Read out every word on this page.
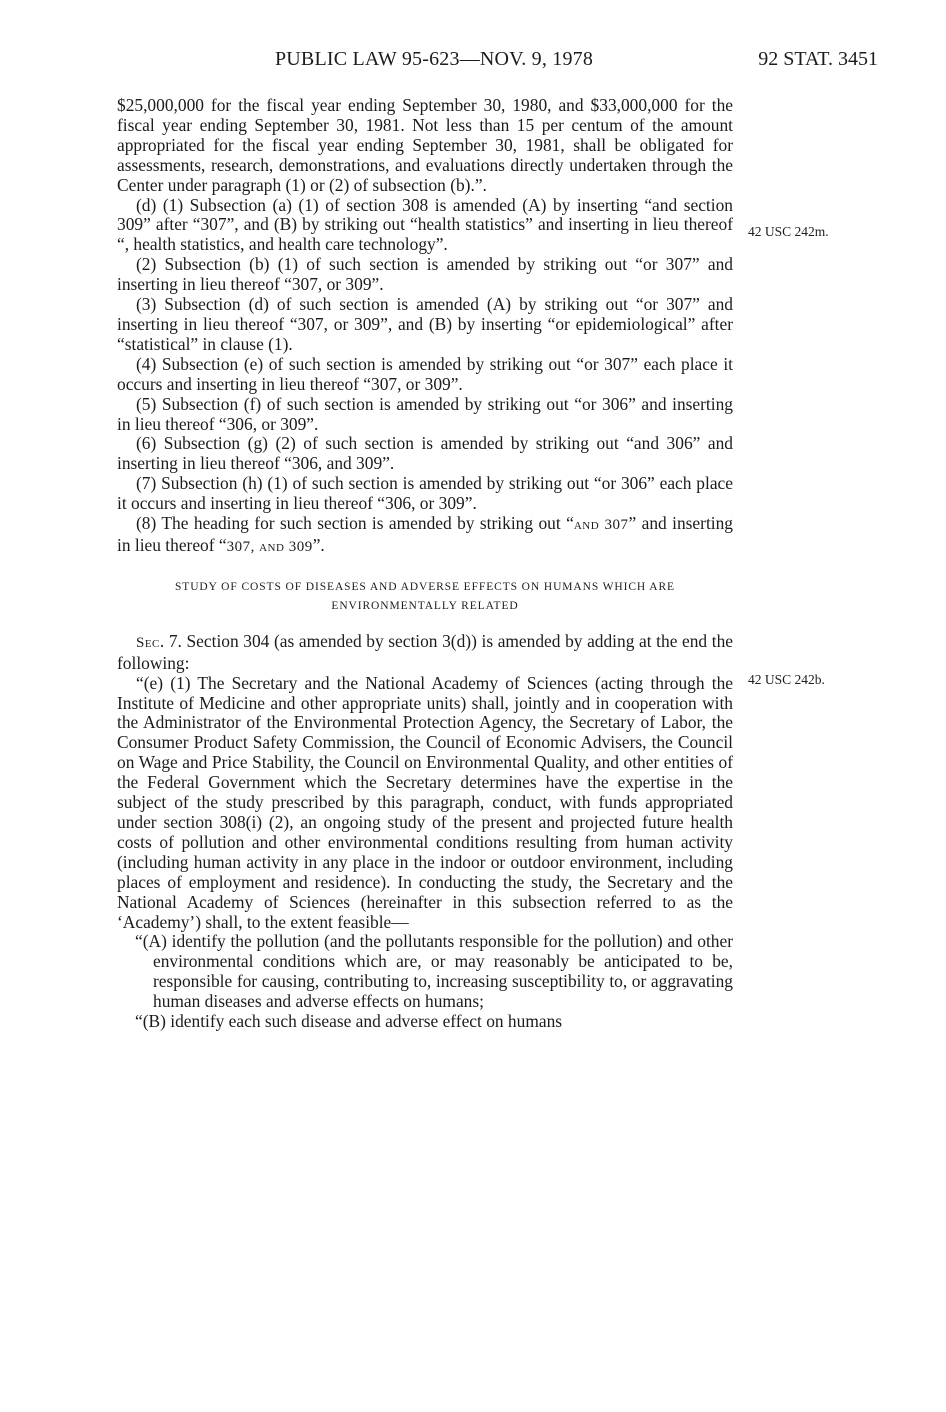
PUBLIC LAW 95-623—NOV. 9, 1978	92 STAT. 3451
42 USC 242m.
42 USC 242b.

$25,000,000 for the fiscal year ending September 30, 1980, and $33,000,000 for the fiscal year ending September 30, 1981. Not less than 15 per centum of the amount appropriated for the fiscal year ending September 30, 1981, shall be obligated for assessments, research, demonstrations, and evaluations directly undertaken through the Center under paragraph (1) or (2) of subsection (b).”.

(d) (1) Subsection (a) (1) of section 308 is amended (A) by inserting “and section 309” after “307”, and (B) by striking out “health statistics” and inserting in lieu thereof “, health statistics, and health care technology”.

(2) Subsection (b) (1) of such section is amended by striking out “or 307” and inserting in lieu thereof “307, or 309”.

(3) Subsection (d) of such section is amended (A) by striking out “or 307” and inserting in lieu thereof “307, or 309”, and (B) by inserting “or epidemiological” after “statistical” in clause (1).

(4) Subsection (e) of such section is amended by striking out “or 307” each place it occurs and inserting in lieu thereof “307, or 309”.

(5) Subsection (f) of such section is amended by striking out “or 306” and inserting in lieu thereof “306, or 309”.

(6) Subsection (g) (2) of such section is amended by striking out “and 306” and inserting in lieu thereof “306, and 309”.

(7) Subsection (h) (1) of such section is amended by striking out “or 306” each place it occurs and inserting in lieu thereof “306, or 309”.

(8) The heading for such section is amended by striking out “and 307” and inserting in lieu thereof “307, and 309”.

STUDY OF COSTS OF DISEASES AND ADVERSE EFFECTS ON HUMANS WHICH ARE ENVIRONMENTALLY RELATED

Sec. 7. Section 304 (as amended by section 3(d)) is amended by adding at the end the following:

“(e) (1) The Secretary and the National Academy of Sciences (acting through the Institute of Medicine and other appropriate units) shall, jointly and in cooperation with the Administrator of the Environmental Protection Agency, the Secretary of Labor, the Consumer Product Safety Commission, the Council of Economic Advisers, the Council on Wage and Price Stability, the Council on Environmental Quality, and other entities of the Federal Government which the Secretary determines have the expertise in the subject of the study prescribed by this paragraph, conduct, with funds appropriated under section 308(i) (2), an ongoing study of the present and projected future health costs of pollution and other environmental conditions resulting from human activity (including human activity in any place in the indoor or outdoor environment, including places of employment and residence). In conducting the study, the Secretary and the National Academy of Sciences (hereinafter in this subsection referred to as the ‘Academy’) shall, to the extent feasible—

“(A) identify the pollution (and the pollutants responsible for the pollution) and other environmental conditions which are, or may reasonably be anticipated to be, responsible for causing, contributing to, increasing susceptibility to, or aggravating human diseases and adverse effects on humans;

“(B) identify each such disease and adverse effect on humans
